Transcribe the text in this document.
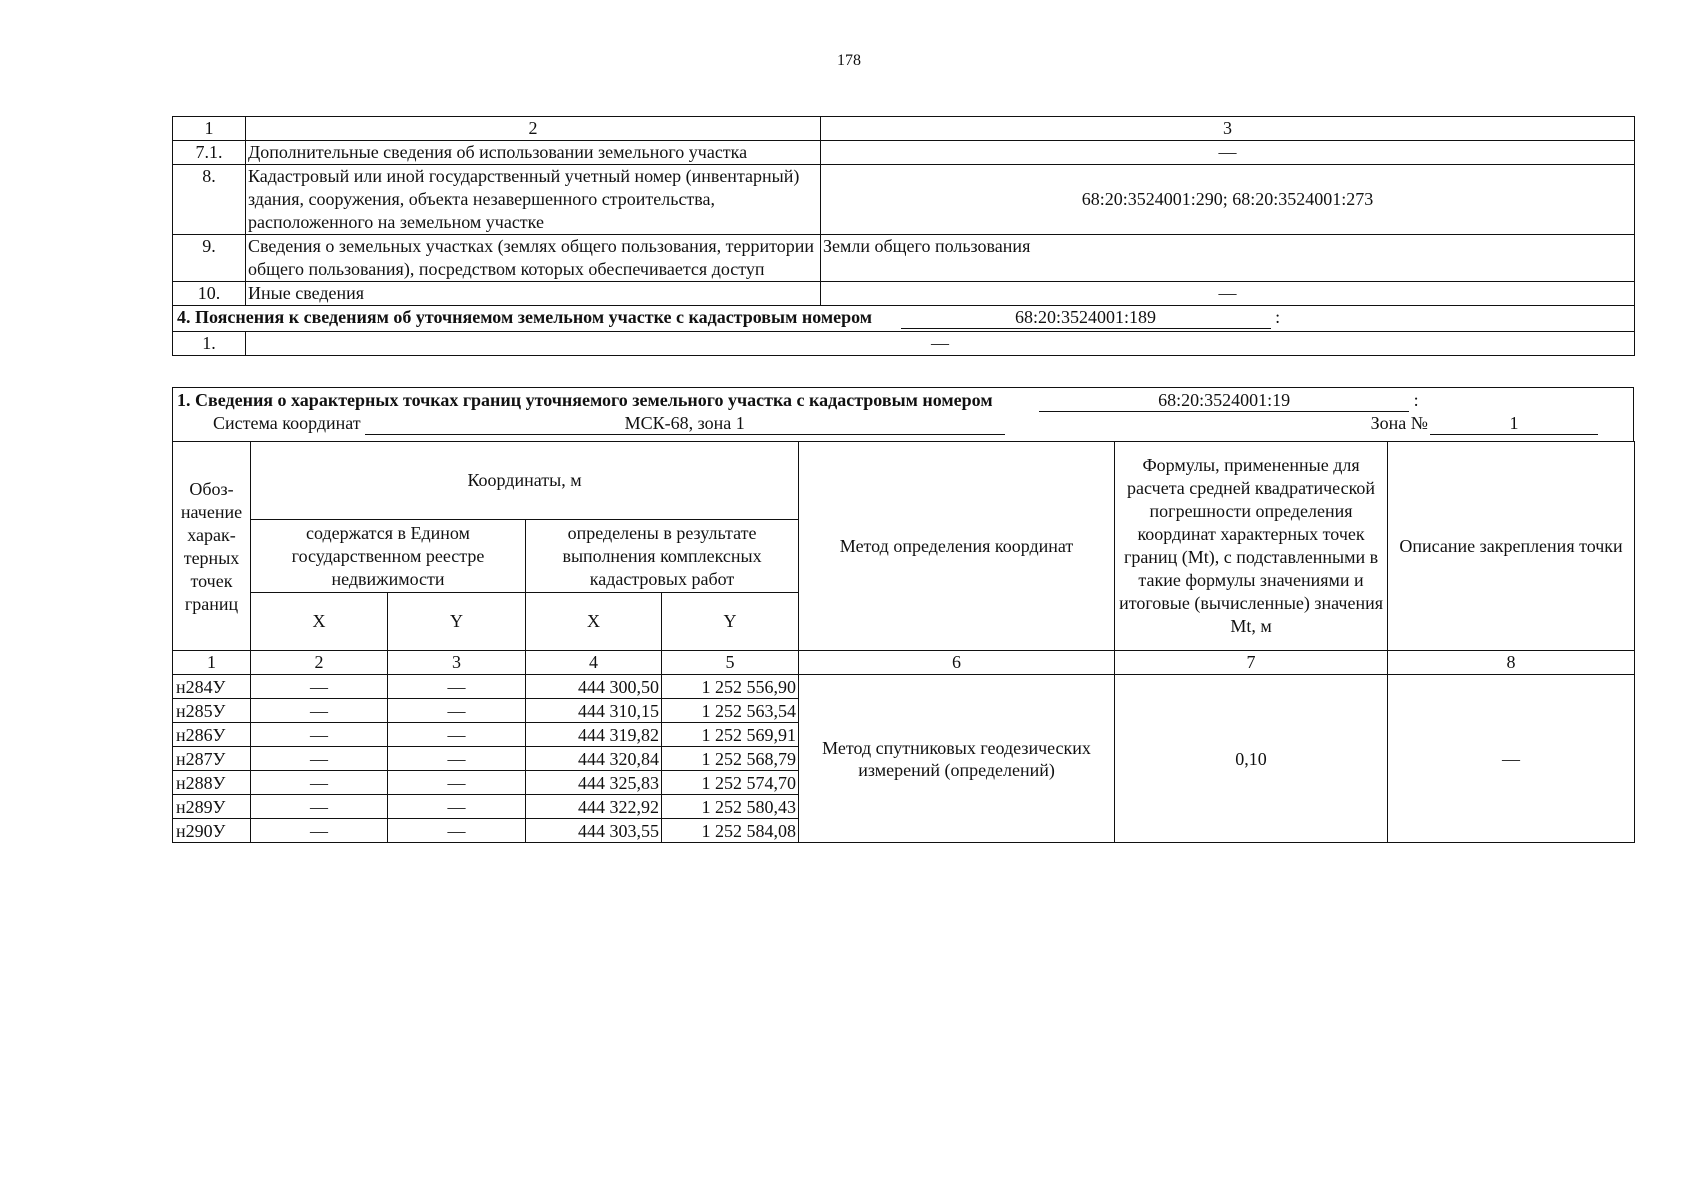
178
1	2	3
7.1.	Дополнительные сведения об использовании земельного участка	—
8.	Кадастровый или иной государственный учетный номер (инвентарный) здания, сооружения, объекта незавершенного строительства, расположенного на земельном участке	68:20:3524001:290; 68:20:3524001:273
9.	Сведения о земельных участках (землях общего пользования, территории общего пользования), посредством которых обеспечивается доступ	Земли общего пользования
10.	Иные сведения	—
4. Пояснения к сведениям об уточняемом земельном участке с кадастровым номером 68:20:3524001:189 :		
1.	—	
1. Сведения о характерных точках границ уточняемого земельного участка с кадастровым номером	68:20:3524001:19	:
Система координат	МСК-68, зона 1	Зона №	1
Обоз-начение харак-терных точек границ	Координаты, м				Метод определения координат	Формулы, примененные для расчета средней квадратической погрешности определения координат характерных точек границ (Mt), с подставленными в такие формулы значениями и итоговые (вычисленные) значения Mt, м	Описание закрепления точки
	содержатся в Едином государственном реестре недвижимости		определены в результате выполнения комплексных кадастровых работ				
	X	Y	X	Y			
1	2	3	4	5	6	7	8
н284У	—	—	444 300,50	1 252 556,90	Метод спутниковых геодезических измерений (определений)	0,10	—
н285У	—	—	444 310,15	1 252 563,54			
н286У	—	—	444 319,82	1 252 569,91			
н287У	—	—	444 320,84	1 252 568,79			
н288У	—	—	444 325,83	1 252 574,70			
н289У	—	—	444 322,92	1 252 580,43			
н290У	—	—	444 303,55	1 252 584,08			
